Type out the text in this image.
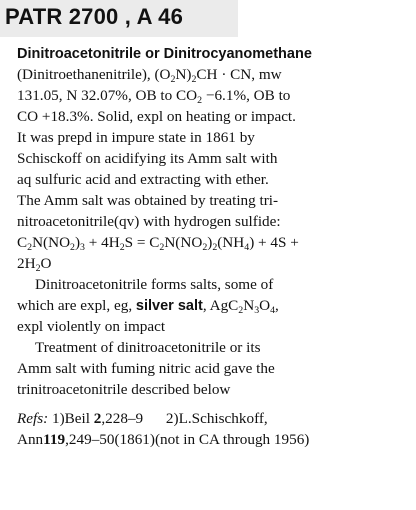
PATR 2700 , A 46
Dinitroacetonitrile or Dinitrocyanomethane
(Dinitroethanenitrile), $(O_2N)_2CH$ · CN, mw
131.05, N 32.07%, OB to $CO_2 -6.1\%$, OB to
CO +18.3%. Solid, expl on heating or impact.
It was prepd in impure state in 1861 by
Schisckoff on acidifying its Amm salt with
aq sulfuric acid and extracting with ether.
The Amm salt was obtained by treating tri-
nitroacetonitrile(qv) with hydrogen sulfide:
$C_2N(NO_2)_3 + 4H_2S = C_2N(NO_2)_2(NH_4) + 4S$ +
$2H_2O$
Dinitroacetonitrile forms salts, some of
which are expl, eg, silver salt, $AgC_2N_3O_4$,
expl violently on impact
Treatment of dinitroacetonitrile or its
Amm salt with fuming nitric acid gave the
trinitroacetonitrile described below
Refs: 1)Beil 2,228–9      2)L.Schischkoff,
Ann119,249–50(1861)(not in CA through 1956)
